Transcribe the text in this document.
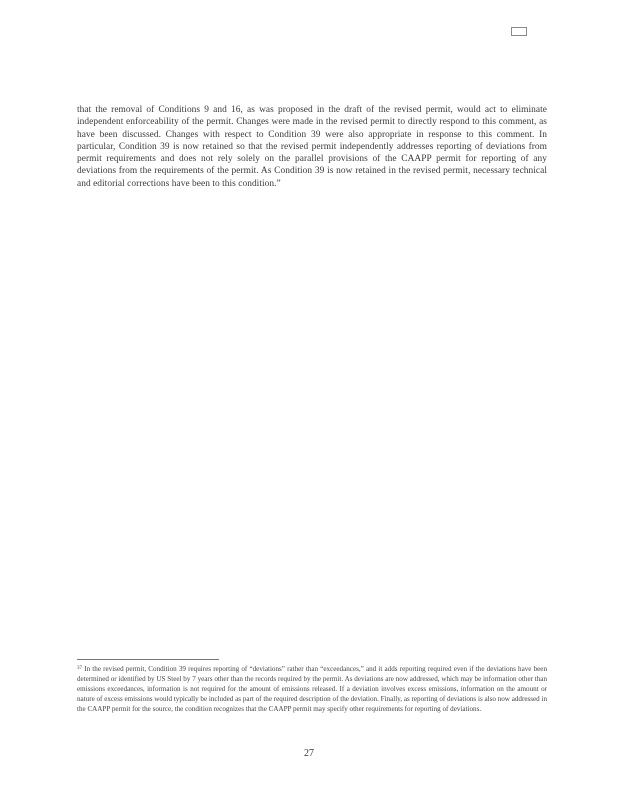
that the removal of Conditions 9 and 16, as was proposed in the draft of the revised permit, would act to eliminate independent enforceability of the permit. Changes were made in the revised permit to directly respond to this comment, as have been discussed. Changes with respect to Condition 39 were also appropriate in response to this comment. In particular, Condition 39 is now retained so that the revised permit independently addresses reporting of deviations from permit requirements and does not rely solely on the parallel provisions of the CAAPP permit for reporting of any deviations from the requirements of the permit. As Condition 39 is now retained in the revised permit, necessary technical and editorial corrections have been to this condition.”

$^{37}$ In the revised permit, Condition 39 requires reporting of “deviations” rather than “exceedances,” and it adds reporting required even if the deviations have been determined or identified by US Steel by 7 years other than the records required by the permit. As deviations are now addressed, which may be information other than emissions exceedances, information is not required for the amount of emissions released. If a deviation involves excess emissions, information on the amount or nature of excess emissions would typically be included as part of the required description of the deviation. Finally, as reporting of deviations is also now addressed in the CAAPP permit for the source, the condition recognizes that the CAAPP permit may specify other requirements for reporting of deviations.

27
